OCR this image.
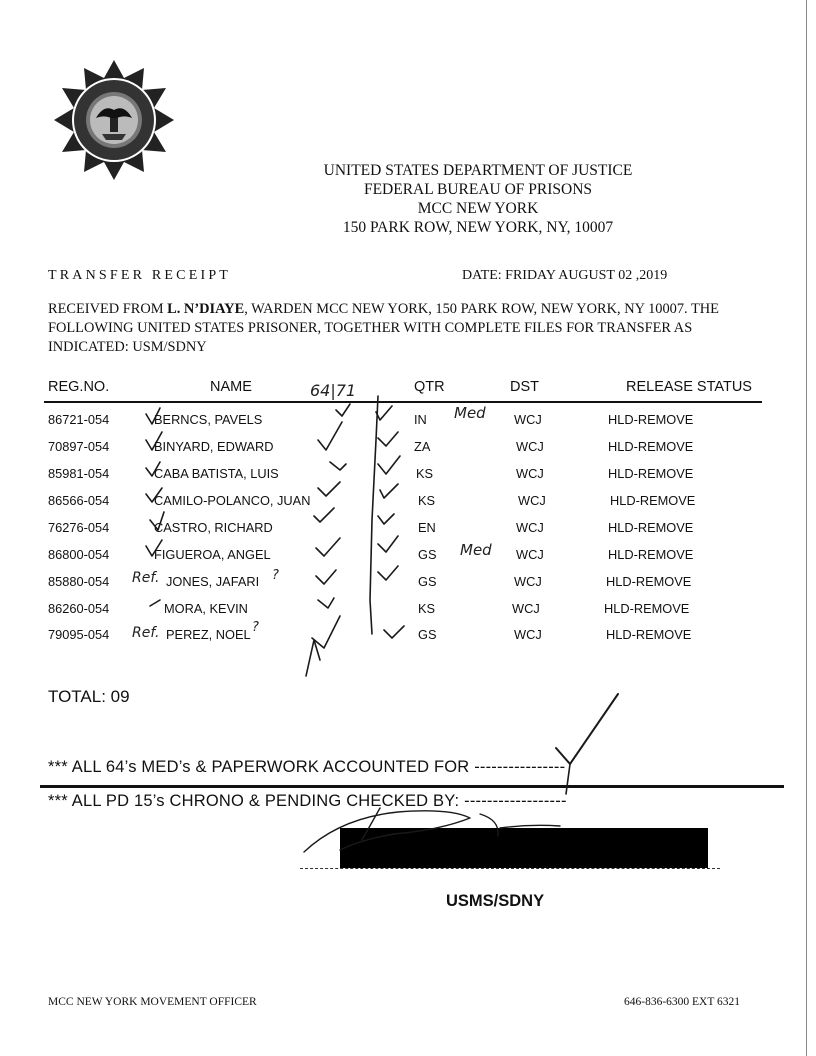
UNITED STATES DEPARTMENT OF JUSTICE
FEDERAL BUREAU OF PRISONS
MCC NEW YORK
150 PARK ROW, NEW YORK, NY, 10007
TRANSFER RECEIPT	DATE: FRIDAY AUGUST 02 ,2019
RECEIVED FROM L. N’DIAYE, WARDEN MCC NEW YORK, 150 PARK ROW, NEW YORK, NY 10007. THE FOLLOWING UNITED STATES PRISONER, TOGETHER WITH COMPLETE FILES FOR TRANSFER AS INDICATED: USM/SDNY
REG.NO.	NAME	QTR	DST	RELEASE STATUS
86721-054	BERNCS, PAVELS	IN	WCJ	HLD-REMOVE
70897-054	BINYARD, EDWARD	ZA	WCJ	HLD-REMOVE
85981-054	CABA BATISTA, LUIS	KS	WCJ	HLD-REMOVE
86566-054	CAMILO-POLANCO, JUAN	KS	WCJ	HLD-REMOVE
76276-054	CASTRO, RICHARD	EN	WCJ	HLD-REMOVE
86800-054	FIGUEROA, ANGEL	GS	WCJ	HLD-REMOVE
85880-054	JONES, JAFARI	GS	WCJ	HLD-REMOVE
86260-054	MORA, KEVIN	KS	WCJ	HLD-REMOVE
79095-054	PEREZ, NOEL	GS	WCJ	HLD-REMOVE
64|71
Med
Med
Ref.
Ref.
?
?
TOTAL: 09
*** ALL 64’s MED’s & PAPERWORK ACCOUNTED FOR ----------------
*** ALL PD 15’s CHRONO & PENDING CHECKED BY: ------------------
USMS/SDNY
MCC NEW YORK MOVEMENT OFFICER	646-836-6300 EXT 6321
